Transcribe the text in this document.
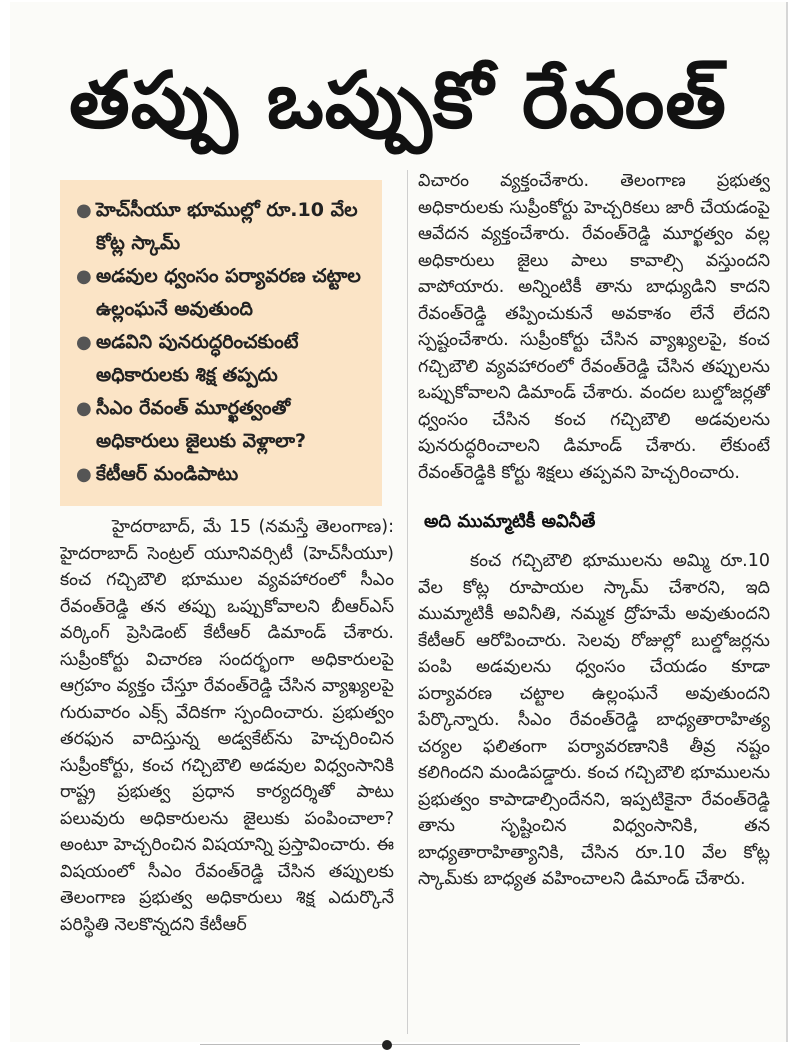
తప్పు ఒప్పుకో రేవంత్
● హెచ్‌సీయూ భూముల్లో రూ.10 వేల కోట్ల స్కామ్
● అడవుల ధ్వంసం పర్యావరణ చట్టాల ఉల్లంఘనే అవుతుంది
● అడవిని పునరుద్ధరించకుంటే అధికారులకు శిక్ష తప్పదు
● సీఎం రేవంత్ మూర్ఖత్వంతో అధికారులు జైలుకు వెళ్లాలా?
● కేటీఆర్ మండిపాటు

హైదరాబాద్, మే 15 (నమస్తే తెలంగాణ): హైదరాబాద్ సెంట్రల్ యూనివర్సిటీ (హెచ్‌సీయూ) కంచ గచ్చిబౌలి భూముల వ్యవహారంలో సీఎం రేవంత్‌రెడ్డి తన తప్పు ఒప్పుకోవాలని బీఆర్‌ఎస్ వర్కింగ్ ప్రెసిడెంట్ కేటీఆర్ డిమాండ్ చేశారు. సుప్రీంకోర్టు విచారణ సందర్భంగా అధికారులపై ఆగ్రహం వ్యక్తం చేస్తూ రేవంత్‌రెడ్డి చేసిన వ్యాఖ్యలపై గురువారం ఎక్స్ వేదికగా స్పందించారు. ప్రభుత్వం తరఫున వాదిస్తున్న అడ్వకేట్‌ను హెచ్చరించిన సుప్రీంకోర్టు, కంచ గచ్చిబౌలి అడవుల విధ్వంసానికి రాష్ట్ర ప్రభుత్వ ప్రధాన కార్యదర్శితో పాటు పలువురు అధికారులను జైలుకు పంపించాలా? అంటూ హెచ్చరించిన విషయాన్ని ప్రస్తావించారు. ఈ విషయంలో సీఎం రేవంత్‌రెడ్డి చేసిన తప్పులకు తెలంగాణ ప్రభుత్వ అధికారులు శిక్ష ఎదుర్కొనే పరిస్థితి నెలకొన్నదని కేటీఆర్

విచారం వ్యక్తంచేశారు. తెలంగాణ ప్రభుత్వ అధికారులకు సుప్రీంకోర్టు హెచ్చరికలు జారీ చేయడంపై ఆవేదన వ్యక్తంచేశారు. రేవంత్‌రెడ్డి మూర్ఖత్వం వల్ల అధికారులు జైలు పాలు కావాల్సి వస్తుందని వాపోయారు. అన్నింటికీ తాను బాధ్యుడిని కాదని రేవంత్‌రెడ్డి తప్పించుకునే అవకాశం లేనే లేదని స్పష్టంచేశారు. సుప్రీంకోర్టు చేసిన వ్యాఖ్యలపై, కంచ గచ్చిబౌలి వ్యవహారంలో రేవంత్‌రెడ్డి చేసిన తప్పులను ఒప్పుకోవాలని డిమాండ్ చేశారు. వందల బుల్డోజర్లతో ధ్వంసం చేసిన కంచ గచ్చిబౌలి అడవులను పునరుద్ధరించాలని డిమాండ్ చేశారు. లేకుంటే రేవంత్‌రెడ్డికి కోర్టు శిక్షలు తప్పవని హెచ్చరించారు.

అది ముమ్మాటికీ అవినీతే

కంచ గచ్చిబౌలి భూములను అమ్మి రూ.10 వేల కోట్ల రూపాయల స్కామ్ చేశారని, ఇది ముమ్మాటికీ అవినీతి, నమ్మక ద్రోహమే అవుతుందని కేటీఆర్ ఆరోపించారు. సెలవు రోజుల్లో బుల్డోజర్లను పంపి అడవులను ధ్వంసం చేయడం కూడా పర్యావరణ చట్టాల ఉల్లంఘనే అవుతుందని పేర్కొన్నారు. సీఎం రేవంత్‌రెడ్డి బాధ్యతారాహిత్య చర్యల ఫలితంగా పర్యావరణానికి తీవ్ర నష్టం కలిగిందని మండిపడ్డారు. కంచ గచ్చిబౌలి భూములను ప్రభుత్వం కాపాడాల్సిందేనని, ఇప్పటికైనా రేవంత్‌రెడ్డి తాను సృష్టించిన విధ్వంసానికి, తన బాధ్యతారాహిత్యానికి, చేసిన రూ.10 వేల కోట్ల స్కామ్‌కు బాధ్యత వహించాలని డిమాండ్ చేశారు.
